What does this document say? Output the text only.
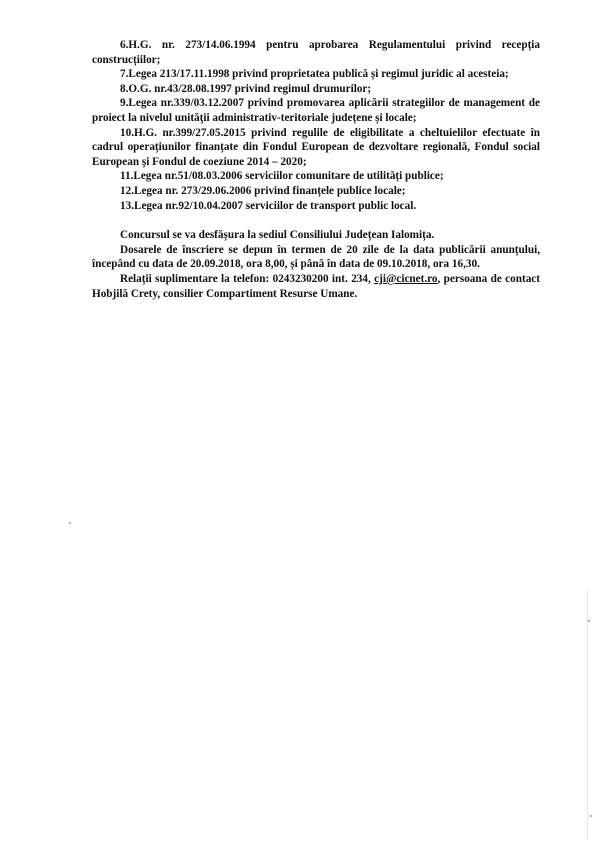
6.H.G. nr. 273/14.06.1994 pentru aprobarea Regulamentului privind recepția construcțiilor;

7.Legea 213/17.11.1998 privind proprietatea publică și regimul juridic al acesteia;

8.O.G. nr.43/28.08.1997 privind regimul drumurilor;

9.Legea nr.339/03.12.2007 privind promovarea aplicării strategiilor de management de proiect la nivelul unităţii administrativ-teritoriale județene și locale;

10.H.G. nr.399/27.05.2015 privind regulile de eligibilitate a cheltuielilor efectuate în cadrul operațiunilor finanțate din Fondul European de dezvoltare regională, Fondul social European și Fondul de coeziune 2014 – 2020;

11.Legea nr.51/08.03.2006 serviciilor comunitare de utilități publice;

12.Legea nr. 273/29.06.2006 privind finanțele publice locale;

13.Legea nr.92/10.04.2007 serviciilor de transport public local.

Concursul se va desfășura la sediul Consiliului Județean Ialomița.

Dosarele de înscriere se depun în termen de 20 zile de la data publicării anunțului, începând cu data de 20.09.2018, ora 8,00, și până în data de 09.10.2018, ora 16,30.

Relații suplimentare la telefon: 0243230200 int. 234, cji@cicnet.ro, persoana de contact Hobjilă Crety, consilier Compartiment Resurse Umane.
